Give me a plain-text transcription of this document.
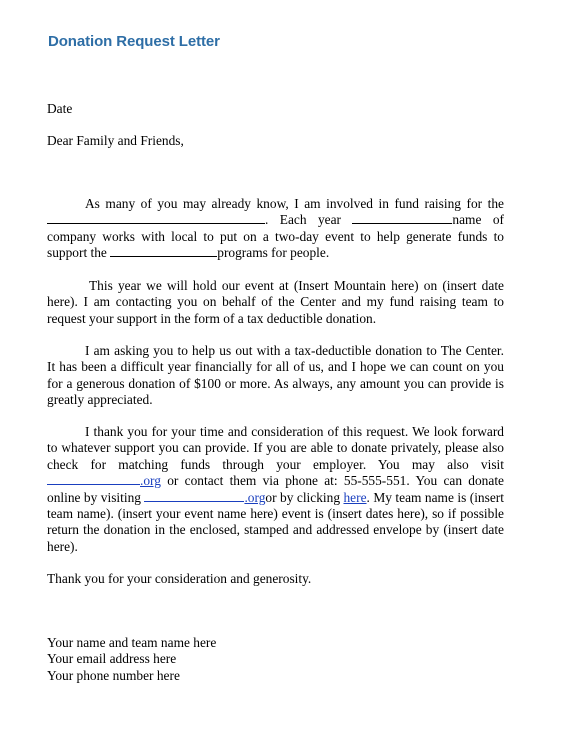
Donation Request Letter
Date
Dear Family and Friends,
As many of you may already know, I am involved in fund raising for the . Each year	name of company works with local to put on a two-day event to help generate funds to support the	programs for people.
This year we will hold our event at (Insert Mountain here) on (insert date here). I am contacting you on behalf of the Center and my fund raising team to request your support in the form of a tax deductible donation.
I am asking you to help us out with a tax-deductible donation to The Center. It has been a difficult year financially for all of us, and I hope we can count on you for a generous donation of $100 or more. As always, any amount you can provide is greatly appreciated.
I thank you for your time and consideration of this request. We look forward to whatever support you can provide. If you are able to donate privately, please also check for matching funds through your employer. You may also visit .org or contact them via phone at: 55-555-551. You can donate online by visiting	.orgor by clicking here. My team name is (insert team name). (insert your event name here) event is (insert dates here), so if possible return the donation in the enclosed, stamped and addressed envelope by (insert date here).
Thank you for your consideration and generosity.
Your name and team name here
Your email address here
Your phone number here
